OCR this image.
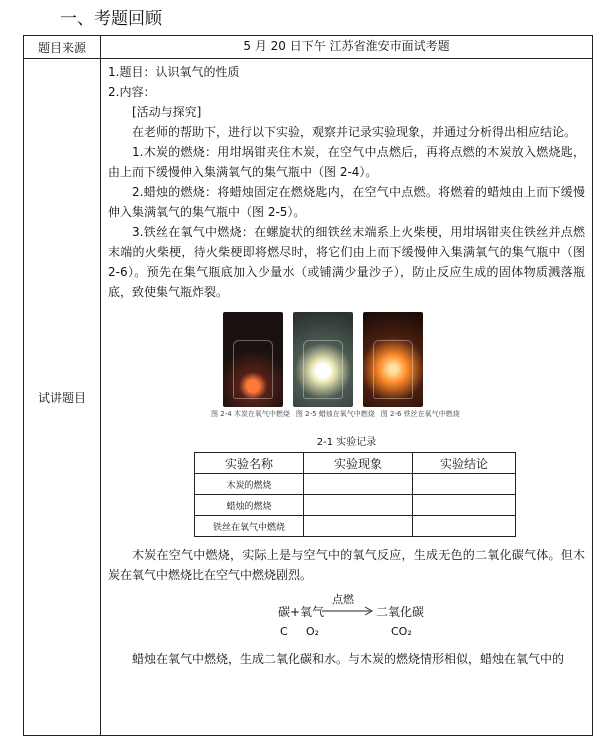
一、考题回顾
题目来源	5 月 20 日下午 江苏省淮安市面试考题
试讲题目	
1.题目：认识氧气的性质
2.内容：
[活动与探究]

在老师的帮助下，进行以下实验，观察并记录实验现象，并通过分析得出相应结论。

1.木炭的燃烧：用坩埚钳夹住木炭，在空气中点燃后，再将点燃的木炭放入燃烧匙，由上而下缓慢伸入集满氧气的集气瓶中（图 2-4）。

2.蜡烛的燃烧：将蜡烛固定在燃烧匙内，在空气中点燃。将燃着的蜡烛由上而下缓慢伸入集满氧气的集气瓶中（图 2-5）。

3.铁丝在氧气中燃烧：在螺旋状的细铁丝末端系上火柴梗，用坩埚钳夹住铁丝并点燃末端的火柴梗，待火柴梗即将燃尽时，将它们由上而下缓慢伸入集满氧气的集气瓶中（图 2-6）。预先在集气瓶底加入少量水（或铺满少量沙子），防止反应生成的固体物质溅落瓶底，致使集气瓶炸裂。

图 2-4 木炭在氧气中燃烧 图 2-5 蜡烛在氧气中燃烧 图 2-6 铁丝在氧气中燃烧
2-1 实验记录
实验名称	实验现象	实验结论
木炭的燃烧		
蜡烛的燃烧		
铁丝在氧气中燃烧		

木炭在空气中燃烧，实际上是与空气中的氧气反应，生成无色的二氧化碳气体。但木炭在氧气中燃烧比在空气中燃烧剧烈。

碳+氧气
点燃
二氧化碳
C O₂	CO₂

蜡烛在氧气中燃烧，生成二氧化碳和水。与木炭的燃烧情形相似，蜡烛在氧气中的
